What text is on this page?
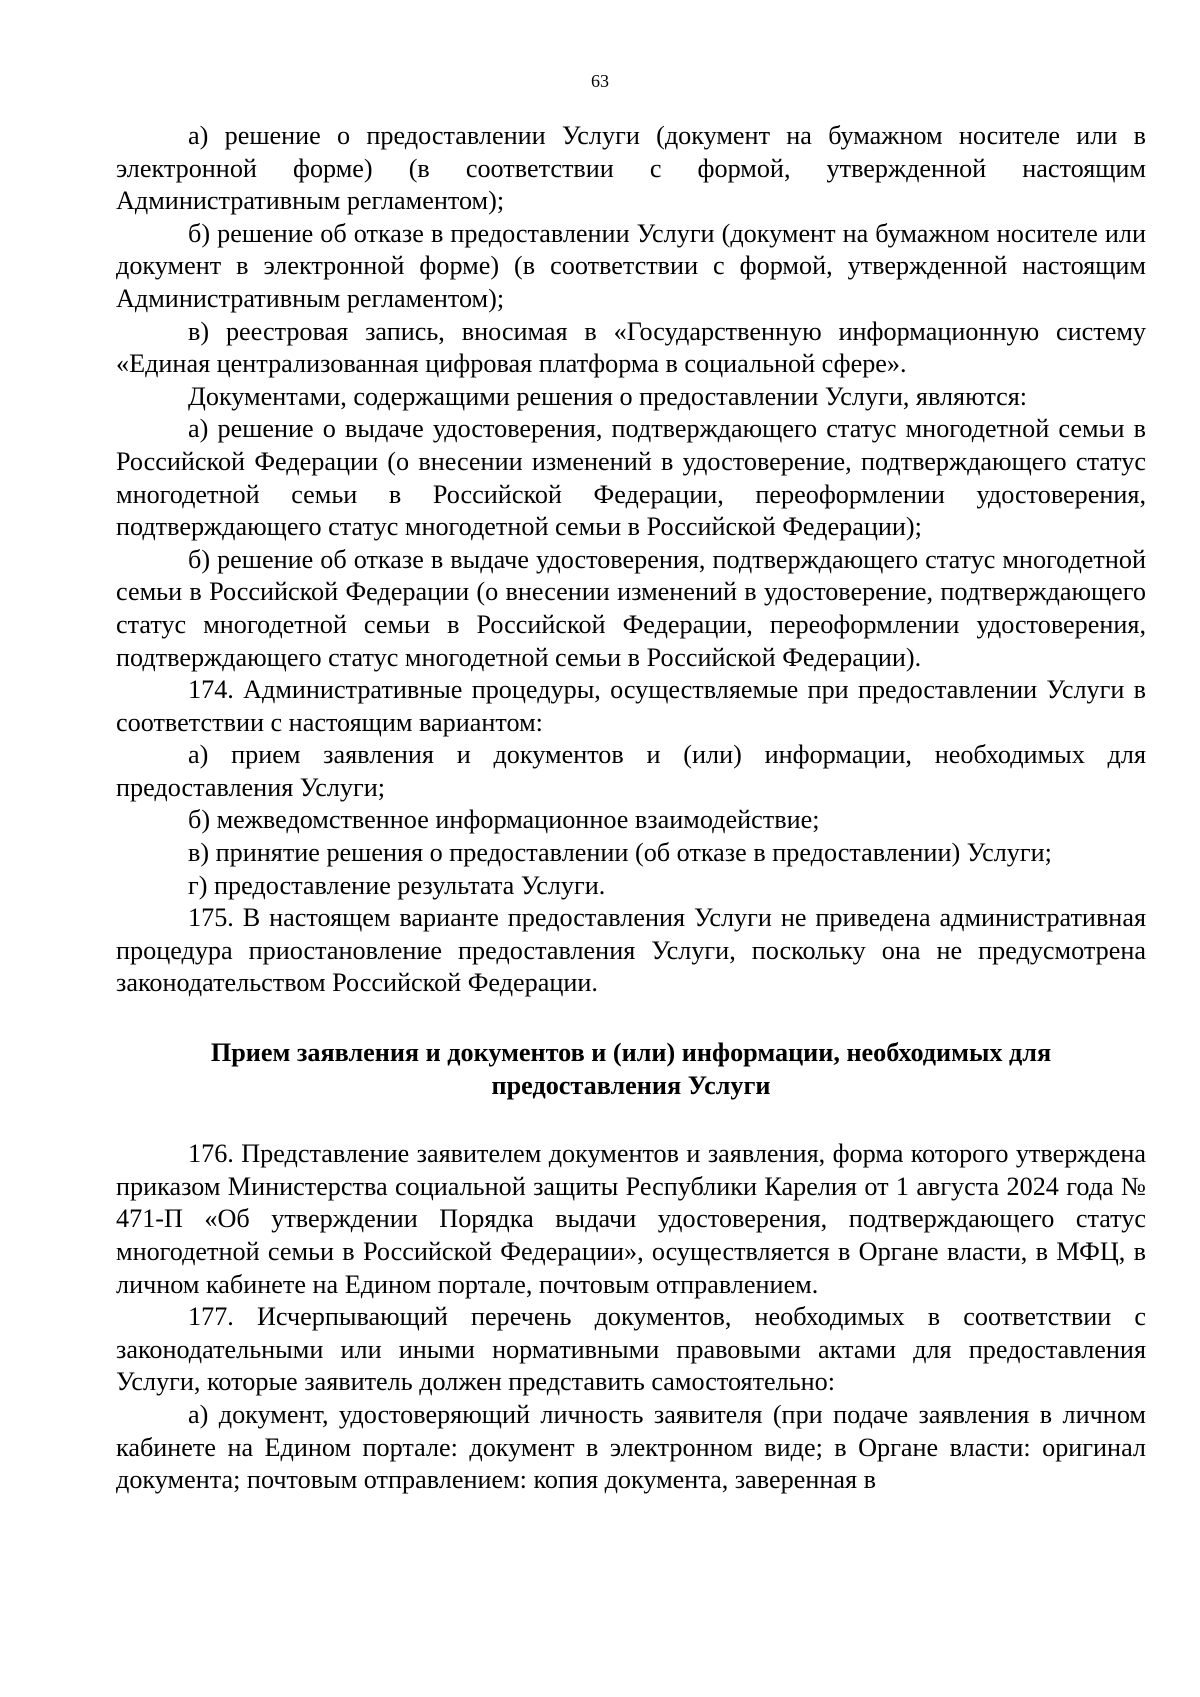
63

а) решение о предоставлении Услуги (документ на бумажном носителе или в электронной форме) (в соответствии с формой, утвержденной настоящим Административным регламентом);

б) решение об отказе в предоставлении Услуги (документ на бумажном носителе или документ в электронной форме) (в соответствии с формой, утвержденной настоящим Административным регламентом);

в) реестровая запись, вносимая в «Государственную информационную систему «Единая централизованная цифровая платформа в социальной сфере».

Документами, содержащими решения о предоставлении Услуги, являются:

а) решение о выдаче удостоверения, подтверждающего статус многодетной семьи в Российской Федерации (о внесении изменений в удостоверение, подтверждающего статус многодетной семьи в Российской Федерации, переоформлении удостоверения, подтверждающего статус многодетной семьи в Российской Федерации);

б) решение об отказе в выдаче удостоверения, подтверждающего статус многодетной семьи в Российской Федерации (о внесении изменений в удостоверение, подтверждающего статус многодетной семьи в Российской Федерации, переоформлении удостоверения, подтверждающего статус многодетной семьи в Российской Федерации).

174. Административные процедуры, осуществляемые при предоставлении Услуги в соответствии с настоящим вариантом:

а) прием заявления и документов и (или) информации, необходимых для предоставления Услуги;

б) межведомственное информационное взаимодействие;

в) принятие решения о предоставлении (об отказе в предоставлении) Услуги;

г) предоставление результата Услуги.

175. В настоящем варианте предоставления Услуги не приведена административная процедура приостановление предоставления Услуги, поскольку она не предусмотрена законодательством Российской Федерации.

Прием заявления и документов и (или) информации, необходимых для
предоставления Услуги

176. Представление заявителем документов и заявления, форма которого утверждена приказом Министерства социальной защиты Республики Карелия от 1 августа 2024 года № 471-П «Об утверждении Порядка выдачи удостоверения, подтверждающего статус многодетной семьи в Российской Федерации», осуществляется в Органе власти, в МФЦ, в личном кабинете на Едином портале, почтовым отправлением.

177. Исчерпывающий перечень документов, необходимых в соответствии с законодательными или иными нормативными правовыми актами для предоставления Услуги, которые заявитель должен представить самостоятельно:

а) документ, удостоверяющий личность заявителя (при подаче заявления в личном кабинете на Едином портале: документ в электронном виде; в Органе власти: оригинал документа; почтовым отправлением: копия документа, заверенная в
